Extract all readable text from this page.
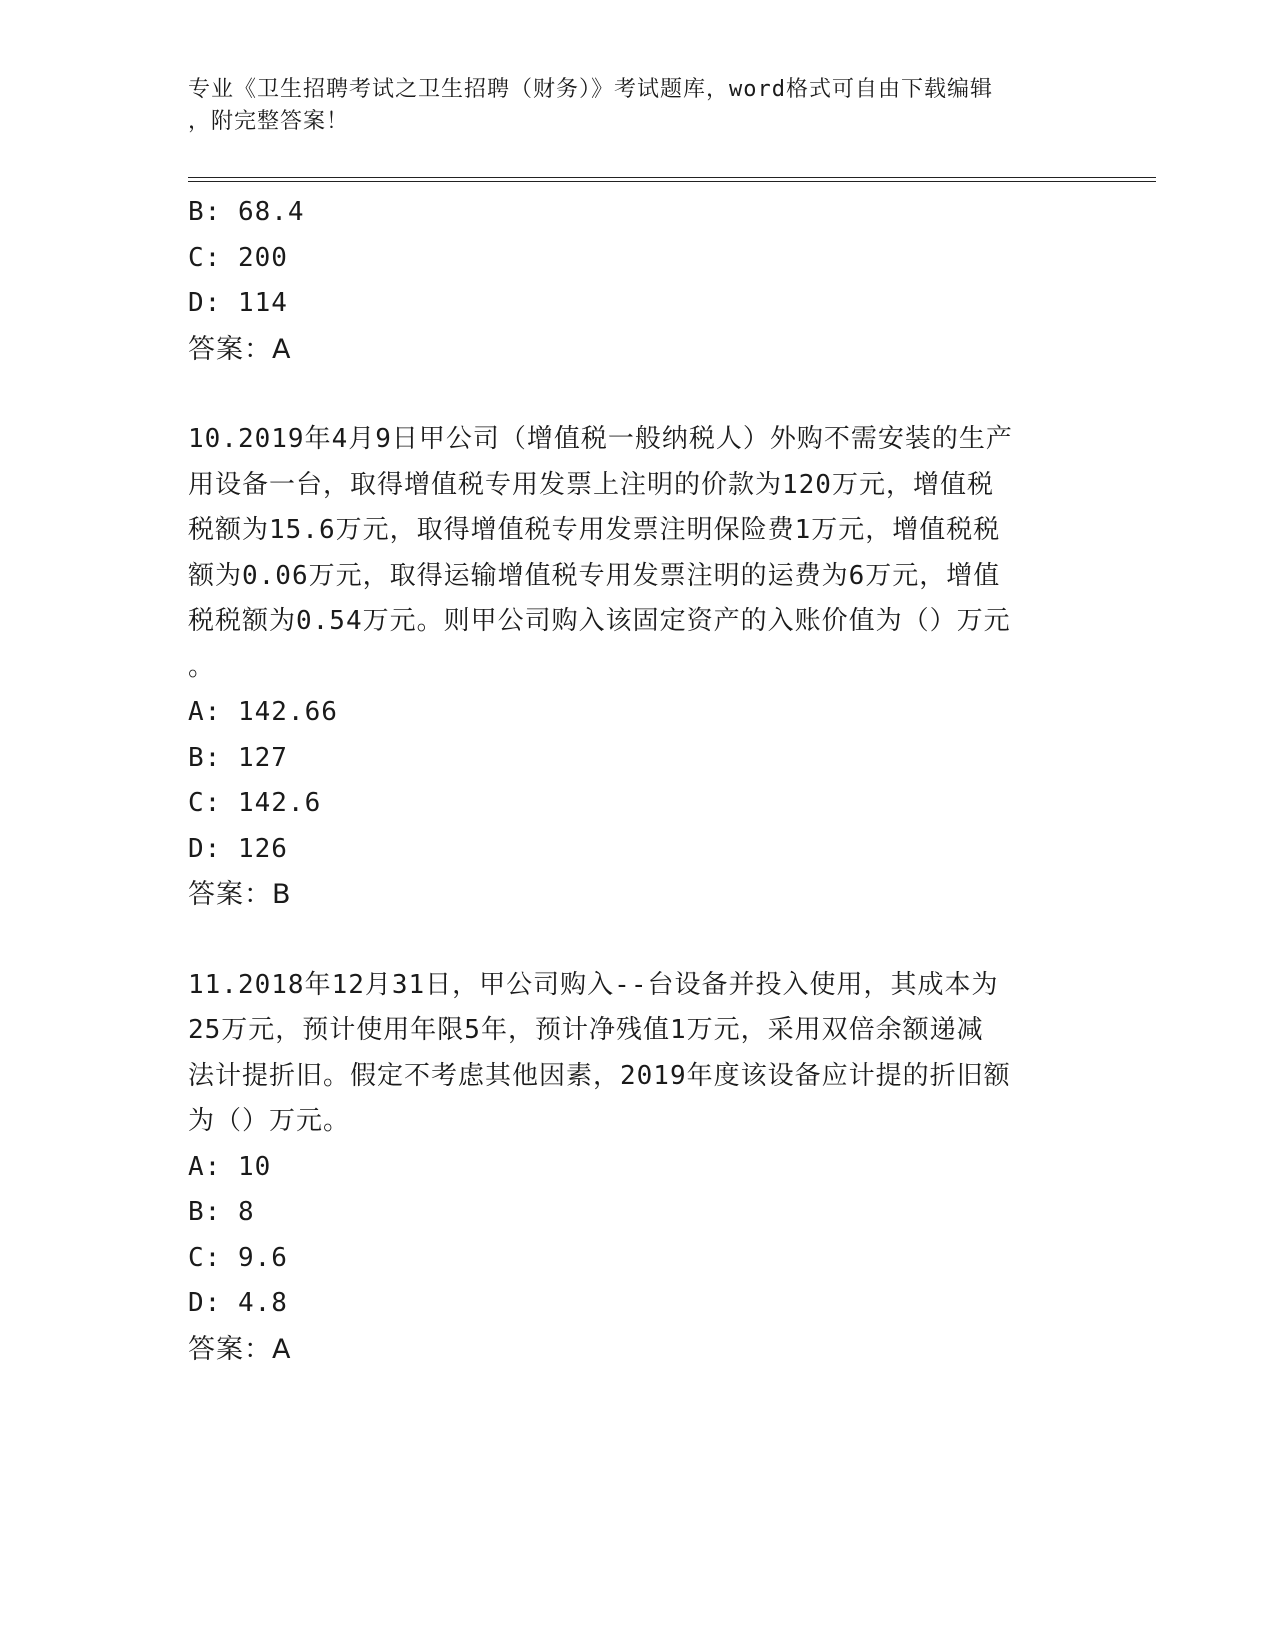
专业《卫生招聘考试之卫生招聘（财务）》考试题库，word格式可自由下载编辑
，附完整答案！
B: 68.4
C: 200
D: 114
答案：A
10.2019年4月9日甲公司（增值税一般纳税人）外购不需安装的生产
用设备一台，取得增值税专用发票上注明的价款为120万元，增值税
税额为15.6万元，取得增值税专用发票注明保险费1万元，增值税税
额为0.06万元，取得运输增值税专用发票注明的运费为6万元，增值
税税额为0.54万元。则甲公司购入该固定资产的入账价值为（）万元
。
A: 142.66
B: 127
C: 142.6
D: 126
答案：B
11.2018年12月31日，甲公司购入--台设备并投入使用，其成本为
25万元，预计使用年限5年，预计净残值1万元，采用双倍余额递减
法计提折旧。假定不考虑其他因素，2019年度该设备应计提的折旧额
为（）万元。
A: 10
B: 8
C: 9.6
D: 4.8
答案：A
